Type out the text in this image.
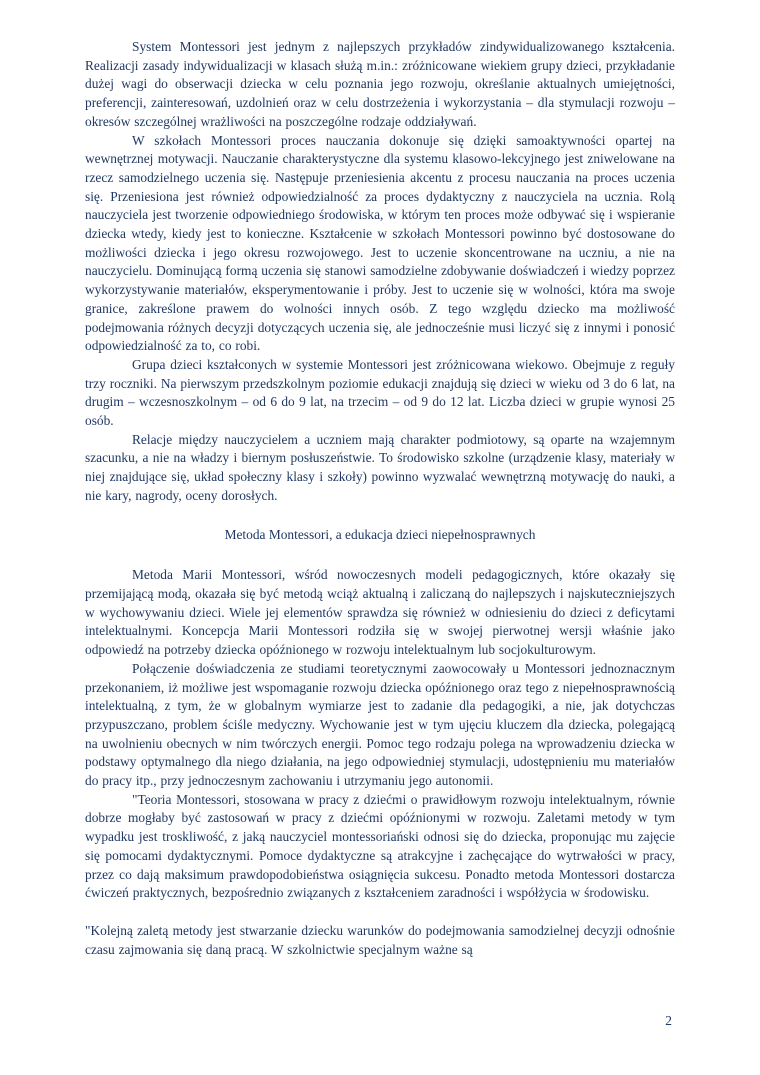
System Montessori jest jednym z najlepszych przykładów zindywidualizowanego kształcenia. Realizacji zasady indywidualizacji w klasach służą m.in.: zróżnicowane wiekiem grupy dzieci, przykładanie dużej wagi do obserwacji dziecka w celu poznania jego rozwoju, określanie aktualnych umiejętności, preferencji, zainteresowań, uzdolnień oraz w celu dostrzeżenia i wykorzystania – dla stymulacji rozwoju – okresów szczególnej wrażliwości na poszczególne rodzaje oddziaływań.

W szkołach Montessori proces nauczania dokonuje się dzięki samoaktywności opartej na wewnętrznej motywacji. Nauczanie charakterystyczne dla systemu klasowo-lekcyjnego jest zniwelowane na rzecz samodzielnego uczenia się. Następuje przeniesienia akcentu z procesu nauczania na proces uczenia się. Przeniesiona jest również odpowiedzialność za proces dydaktyczny z nauczyciela na ucznia. Rolą nauczyciela jest tworzenie odpowiedniego środowiska, w którym ten proces może odbywać się i wspieranie dziecka wtedy, kiedy jest to konieczne. Kształcenie w szkołach Montessori powinno być dostosowane do możliwości dziecka i jego okresu rozwojowego. Jest to uczenie skoncentrowane na uczniu, a nie na nauczycielu. Dominującą formą uczenia się stanowi samodzielne zdobywanie doświadczeń i wiedzy poprzez wykorzystywanie materiałów, eksperymentowanie i próby. Jest to uczenie się w wolności, która ma swoje granice, zakreślone prawem do wolności innych osób. Z tego względu dziecko ma możliwość podejmowania różnych decyzji dotyczących uczenia się, ale jednocześnie musi liczyć się z innymi i ponosić odpowiedzialność za to, co robi.

Grupa dzieci kształconych w systemie Montessori jest zróżnicowana wiekowo. Obejmuje z reguły trzy roczniki. Na pierwszym przedszkolnym poziomie edukacji znajdują się dzieci w wieku od 3 do 6 lat, na drugim – wczesnoszkolnym – od 6 do 9 lat, na trzecim – od 9 do 12 lat. Liczba dzieci w grupie wynosi 25 osób.

Relacje między nauczycielem a uczniem mają charakter podmiotowy, są oparte na wzajemnym szacunku, a nie na władzy i biernym posłuszeństwie. To środowisko szkolne (urządzenie klasy, materiały w niej znajdujące się, układ społeczny klasy i szkoły) powinno wyzwalać wewnętrzną motywację do nauki, a nie kary, nagrody, oceny dorosłych.

Metoda Montessori, a edukacja dzieci niepełnosprawnych

Metoda Marii Montessori, wśród nowoczesnych modeli pedagogicznych, które okazały się przemijającą modą, okazała się być metodą wciąż aktualną i zaliczaną do najlepszych i najskuteczniejszych w wychowywaniu dzieci. Wiele jej elementów sprawdza się również w odniesieniu do dzieci z deficytami intelektualnymi. Koncepcja Marii Montessori rodziła się w swojej pierwotnej wersji właśnie jako odpowiedź na potrzeby dziecka opóźnionego w rozwoju intelektualnym lub socjokulturowym.

Połączenie doświadczenia ze studiami teoretycznymi zaowocowały u Montessori jednoznacznym przekonaniem, iż możliwe jest wspomaganie rozwoju dziecka opóźnionego oraz tego z niepełnosprawnością intelektualną, z tym, że w globalnym wymiarze jest to zadanie dla pedagogiki, a nie, jak dotychczas przypuszczano, problem ściśle medyczny. Wychowanie jest w tym ujęciu kluczem dla dziecka, polegającą na uwolnieniu obecnych w nim twórczych energii. Pomoc tego rodzaju polega na wprowadzeniu dziecka w podstawy optymalnego dla niego działania, na jego odpowiedniej stymulacji, udostępnieniu mu materiałów do pracy itp., przy jednoczesnym zachowaniu i utrzymaniu jego autonomii.

"Teoria Montessori, stosowana w pracy z dziećmi o prawidłowym rozwoju intelektualnym, równie dobrze mogłaby być zastosowań w pracy z dziećmi opóźnionymi w rozwoju. Zaletami metody w tym wypadku jest troskliwość, z jaką nauczyciel montessoriański odnosi się do dziecka, proponując mu zajęcie się pomocami dydaktycznymi. Pomoce dydaktyczne są atrakcyjne i zachęcające do wytrwałości w pracy, przez co dają maksimum prawdopodobieństwa osiągnięcia sukcesu. Ponadto metoda Montessori dostarcza ćwiczeń praktycznych, bezpośrednio związanych z kształceniem zaradności i współżycia w środowisku.

"Kolejną zaletą metody jest stwarzanie dziecku warunków do podejmowania samodzielnej decyzji odnośnie czasu zajmowania się daną pracą. W szkolnictwie specjalnym ważne są

2
